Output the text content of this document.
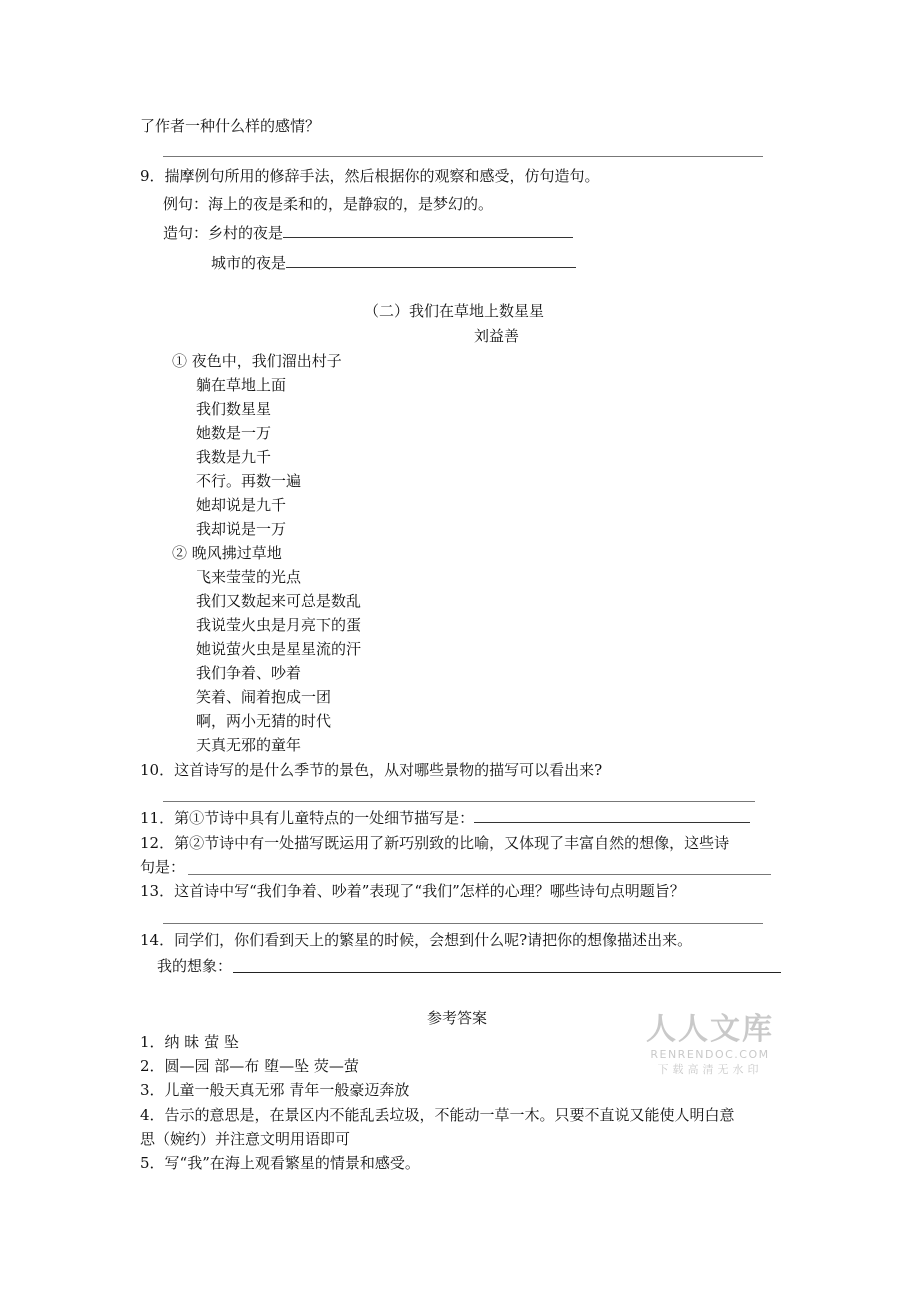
了作者一种什么样的感情？
9．揣摩例句所用的修辞手法，然后根据你的观察和感受，仿句造句。
例句：海上的夜是柔和的，是静寂的，是梦幻的。
造句：乡村的夜是
城市的夜是
（二）我们在草地上数星星
刘益善
① 夜色中，我们溜出村子
躺在草地上面
我们数星星
她数是一万
我数是九千
不行。再数一遍
她却说是九千
我却说是一万
② 晚风拂过草地
飞来莹莹的光点
我们又数起来可总是数乱
我说莹火虫是月亮下的蛋
她说萤火虫是星星流的汗
我们争着、吵着
笑着、闹着抱成一团
啊，两小无猜的时代
天真无邪的童年
10．这首诗写的是什么季节的景色，从对哪些景物的描写可以看出来?
11．第①节诗中具有儿童特点的一处细节描写是：
12．第②节诗中有一处描写既运用了新巧别致的比喻，又体现了丰富自然的想像，这些诗
句是：
13．这首诗中写“我们争着、吵着”表现了“我们”怎样的心理？哪些诗句点明题旨？
14．同学们，你们看到天上的繁星的时候，会想到什么呢?请把你的想像描述出来。
我的想象：
参考答案
1．纳 昧 萤 坠
2．圆—园 部—布 堕—坠 荧—萤
3．儿童一般天真无邪 青年一般豪迈奔放
4．告示的意思是，在景区内不能乱丢垃圾，不能动一草一木。只要不直说又能使人明白意
思（婉约）并注意文明用语即可
5．写“我”在海上观看繁星的情景和感受。
人人文库
RENRENDOC.COM
下载高清无水印
